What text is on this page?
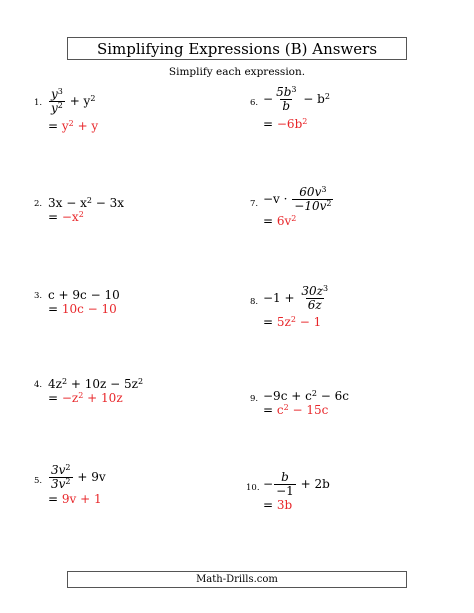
Simplifying Expressions (B) Answers
Simplify each expression.
1. $\frac{y^3}{y^2} + y^2$
= $y^2 + y$
2. $3x - x^2 - 3x$
= $-x^2$
3. c + 9c − 10
= 10c − 10
4. $4z^2 + 10z - 5z^2$
= $-z^2 + 10z$
5. $\frac{3v^2}{3v^2} + 9v$
= 9v + 1
6. − $\frac{5b^3}{b} - b^2$
= $-6b^2$
7. $-v \cdot \frac{60v^3}{-10v^2}$
= $6v^2$
8. $-1 + \frac{30z^3}{6z}$
= $5z^2 - 1$
9. $-9c + c^2 - 6c$
= $c^2 - 15c$
10. − $\frac{b}{-1} + 2b$
= 3b
Math-Drills.com
